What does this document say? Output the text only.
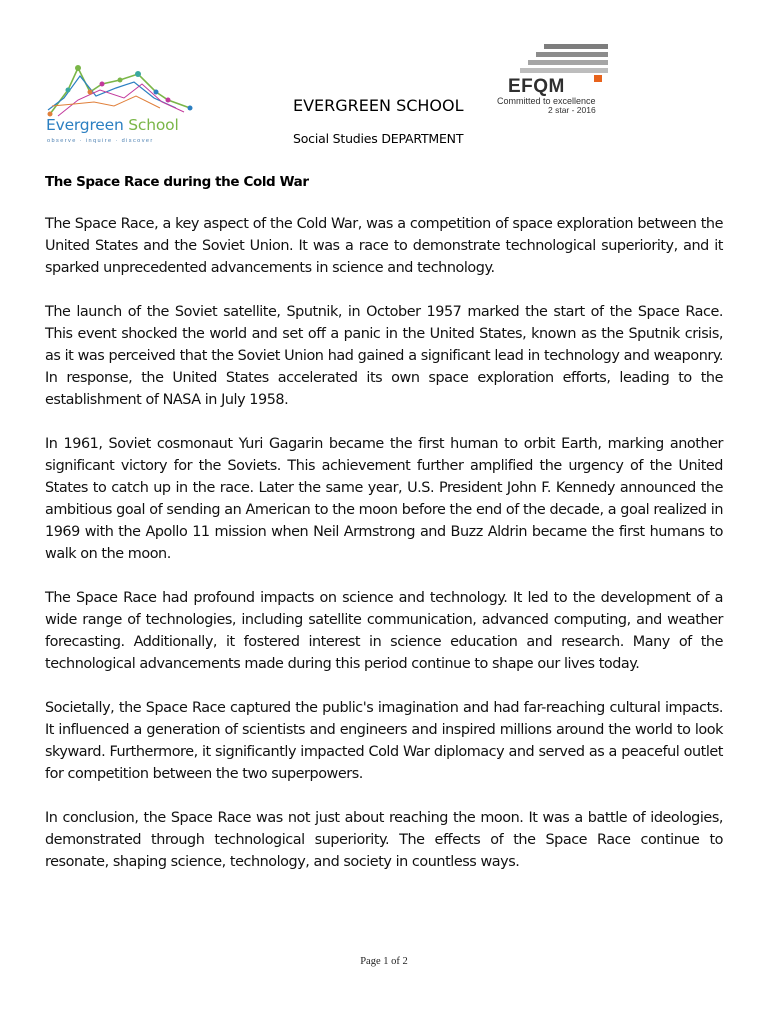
Evergreen School
observe · inquire · discover
EVERGREEN SCHOOL
Social Studies DEPARTMENT
EFQM
Committed to excellence
2 star - 2016
The Space Race during the Cold War

The Space Race, a key aspect of the Cold War, was a competition of space exploration between the United States and the Soviet Union. It was a race to demonstrate technological superiority, and it sparked unprecedented advancements in science and technology.

The launch of the Soviet satellite, Sputnik, in October 1957 marked the start of the Space Race. This event shocked the world and set off a panic in the United States, known as the Sputnik crisis, as it was perceived that the Soviet Union had gained a significant lead in technology and weaponry. In response, the United States accelerated its own space exploration efforts, leading to the establishment of NASA in July 1958.

In 1961, Soviet cosmonaut Yuri Gagarin became the first human to orbit Earth, marking another significant victory for the Soviets. This achievement further amplified the urgency of the United States to catch up in the race. Later the same year, U.S. President John F. Kennedy announced the ambitious goal of sending an American to the moon before the end of the decade, a goal realized in 1969 with the Apollo 11 mission when Neil Armstrong and Buzz Aldrin became the first humans to walk on the moon.

The Space Race had profound impacts on science and technology. It led to the development of a wide range of technologies, including satellite communication, advanced computing, and weather forecasting. Additionally, it fostered interest in science education and research. Many of the technological advancements made during this period continue to shape our lives today.

Societally, the Space Race captured the public's imagination and had far-reaching cultural impacts. It influenced a generation of scientists and engineers and inspired millions around the world to look skyward. Furthermore, it significantly impacted Cold War diplomacy and served as a peaceful outlet for competition between the two superpowers.

In conclusion, the Space Race was not just about reaching the moon. It was a battle of ideologies, demonstrated through technological superiority. The effects of the Space Race continue to resonate, shaping science, technology, and society in countless ways.

Page 1 of 2
